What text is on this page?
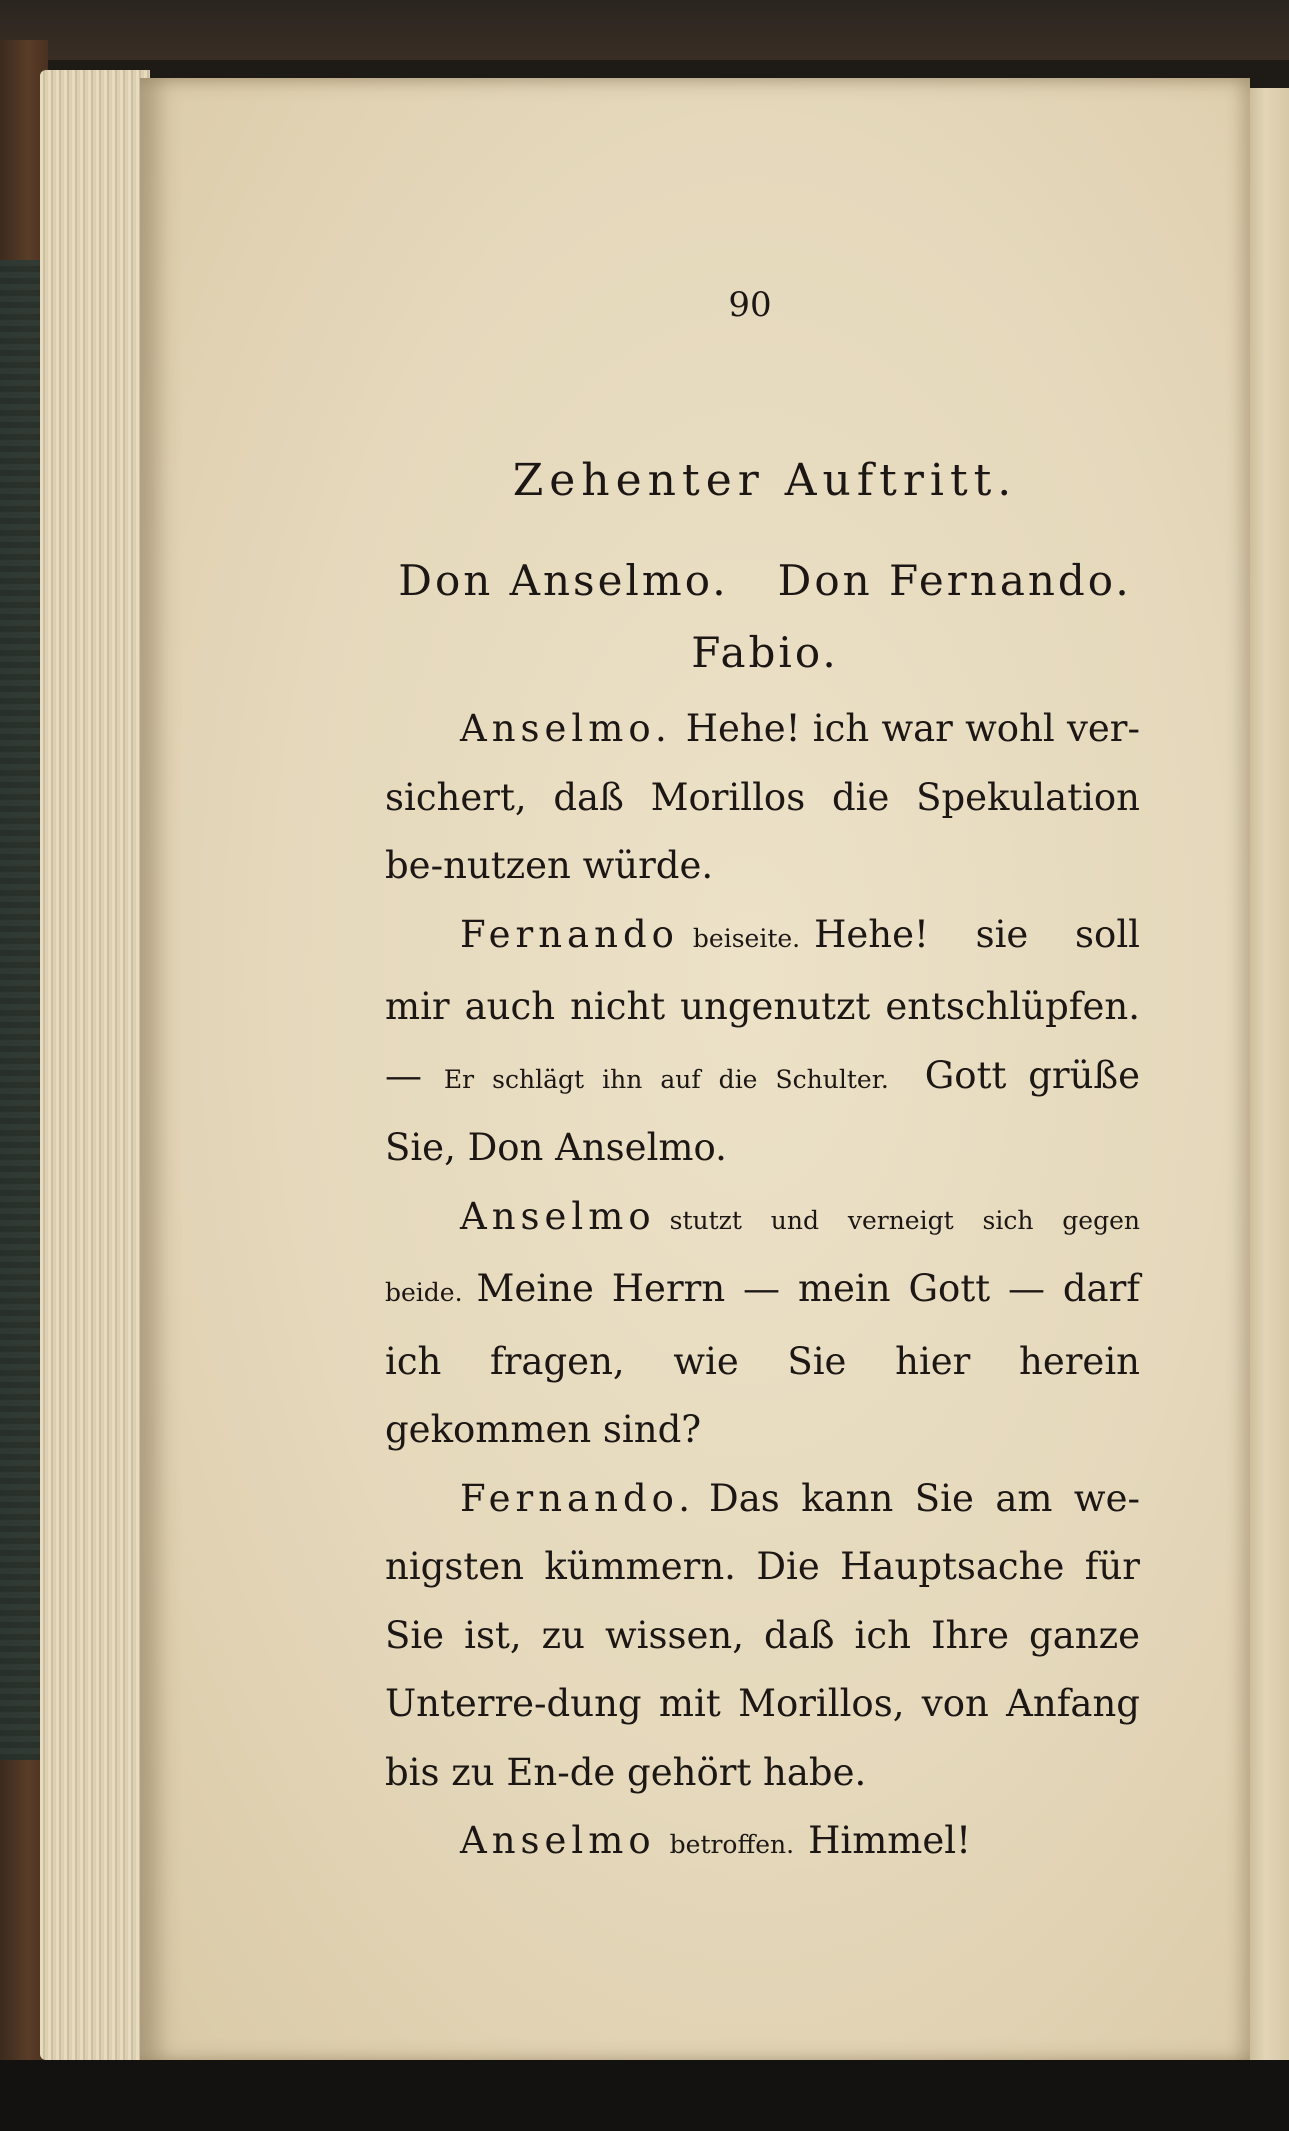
90
Zehenter Auftritt.
Don Anselmo.   Don Fernando.
Fabio.

Anselmo. Hehe! ich war wohl ver-sichert, daß Morillos die Spekulation be-nutzen würde.

Fernando beiseite. Hehe! sie soll mir auch nicht ungenutzt entschlüpfen. — Er schlägt ihn auf die Schulter. Gott grüße Sie, Don Anselmo.

Anselmo stutzt und verneigt sich gegen beide. Meine Herrn — mein Gott — darf ich fragen, wie Sie hier herein gekommen sind?

Fernando. Das kann Sie am we-nigsten kümmern. Die Hauptsache für Sie ist, zu wissen, daß ich Ihre ganze Unterre-dung mit Morillos, von Anfang bis zu En-de gehört habe.

Anselmo betroffen. Himmel!
